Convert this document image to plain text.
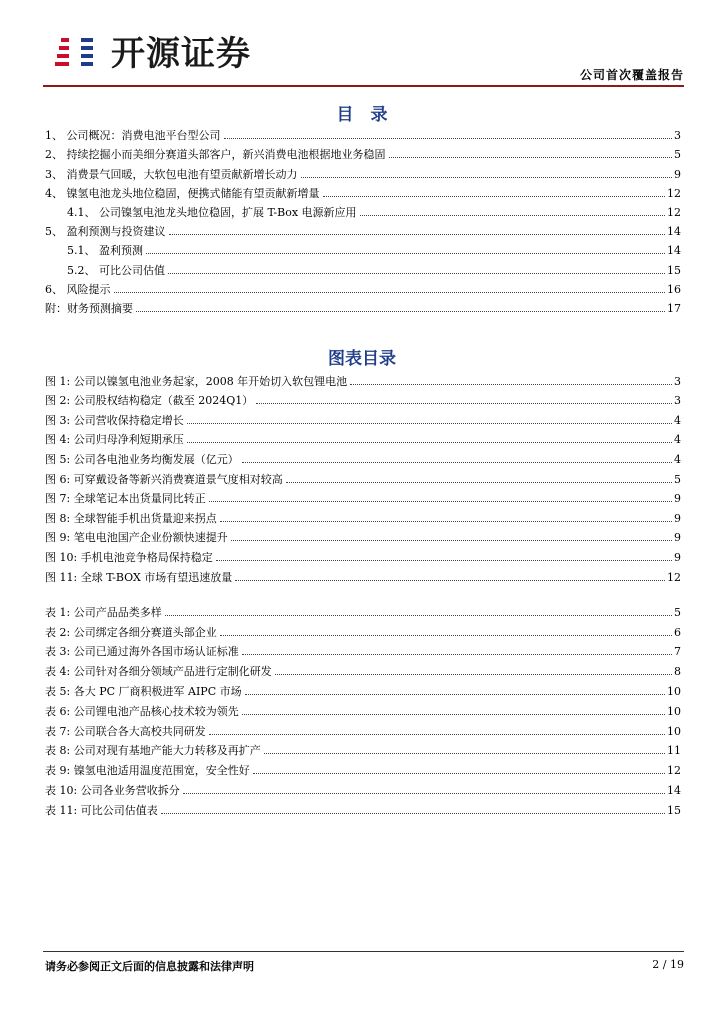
开源证券
公司首次覆盖报告
目　录
1、 公司概况：消费电池平台型公司	3
2、 持续挖掘小而美细分赛道头部客户，新兴消费电池根据地业务稳固	5
3、 消费景气回暖，大软包电池有望贡献新增长动力	9
4、 镍氢电池龙头地位稳固，便携式储能有望贡献新增量	12
4.1、 公司镍氢电池龙头地位稳固，扩展 T-Box 电源新应用	12
5、 盈利预测与投资建议	14
5.1、 盈利预测	14
5.2、 可比公司估值	15
6、 风险提示	16
附：财务预测摘要	17
图表目录
图 1: 公司以镍氢电池业务起家，2008 年开始切入软包锂电池	3
图 2: 公司股权结构稳定（截至 2024Q1）	3
图 3: 公司营收保持稳定增长	4
图 4: 公司归母净利短期承压	4
图 5: 公司各电池业务均衡发展（亿元）	4
图 6: 可穿戴设备等新兴消费赛道景气度相对较高	5
图 7: 全球笔记本出货量同比转正	9
图 8: 全球智能手机出货量迎来拐点	9
图 9: 笔电电池国产企业份额快速提升	9
图 10: 手机电池竞争格局保持稳定	9
图 11: 全球 T-BOX 市场有望迅速放量	12
表 1: 公司产品品类多样	5
表 2: 公司绑定各细分赛道头部企业	6
表 3: 公司已通过海外各国市场认证标准	7
表 4: 公司针对各细分领域产品进行定制化研发	8
表 5: 各大 PC 厂商积极进军 AIPC 市场	10
表 6: 公司锂电池产品核心技术较为领先	10
表 7: 公司联合各大高校共同研发	10
表 8: 公司对现有基地产能大力转移及再扩产	11
表 9: 镍氢电池适用温度范围宽，安全性好	12
表 10: 公司各业务营收拆分	14
表 11: 可比公司估值表	15
请务必参阅正文后面的信息披露和法律声明	2 / 19
